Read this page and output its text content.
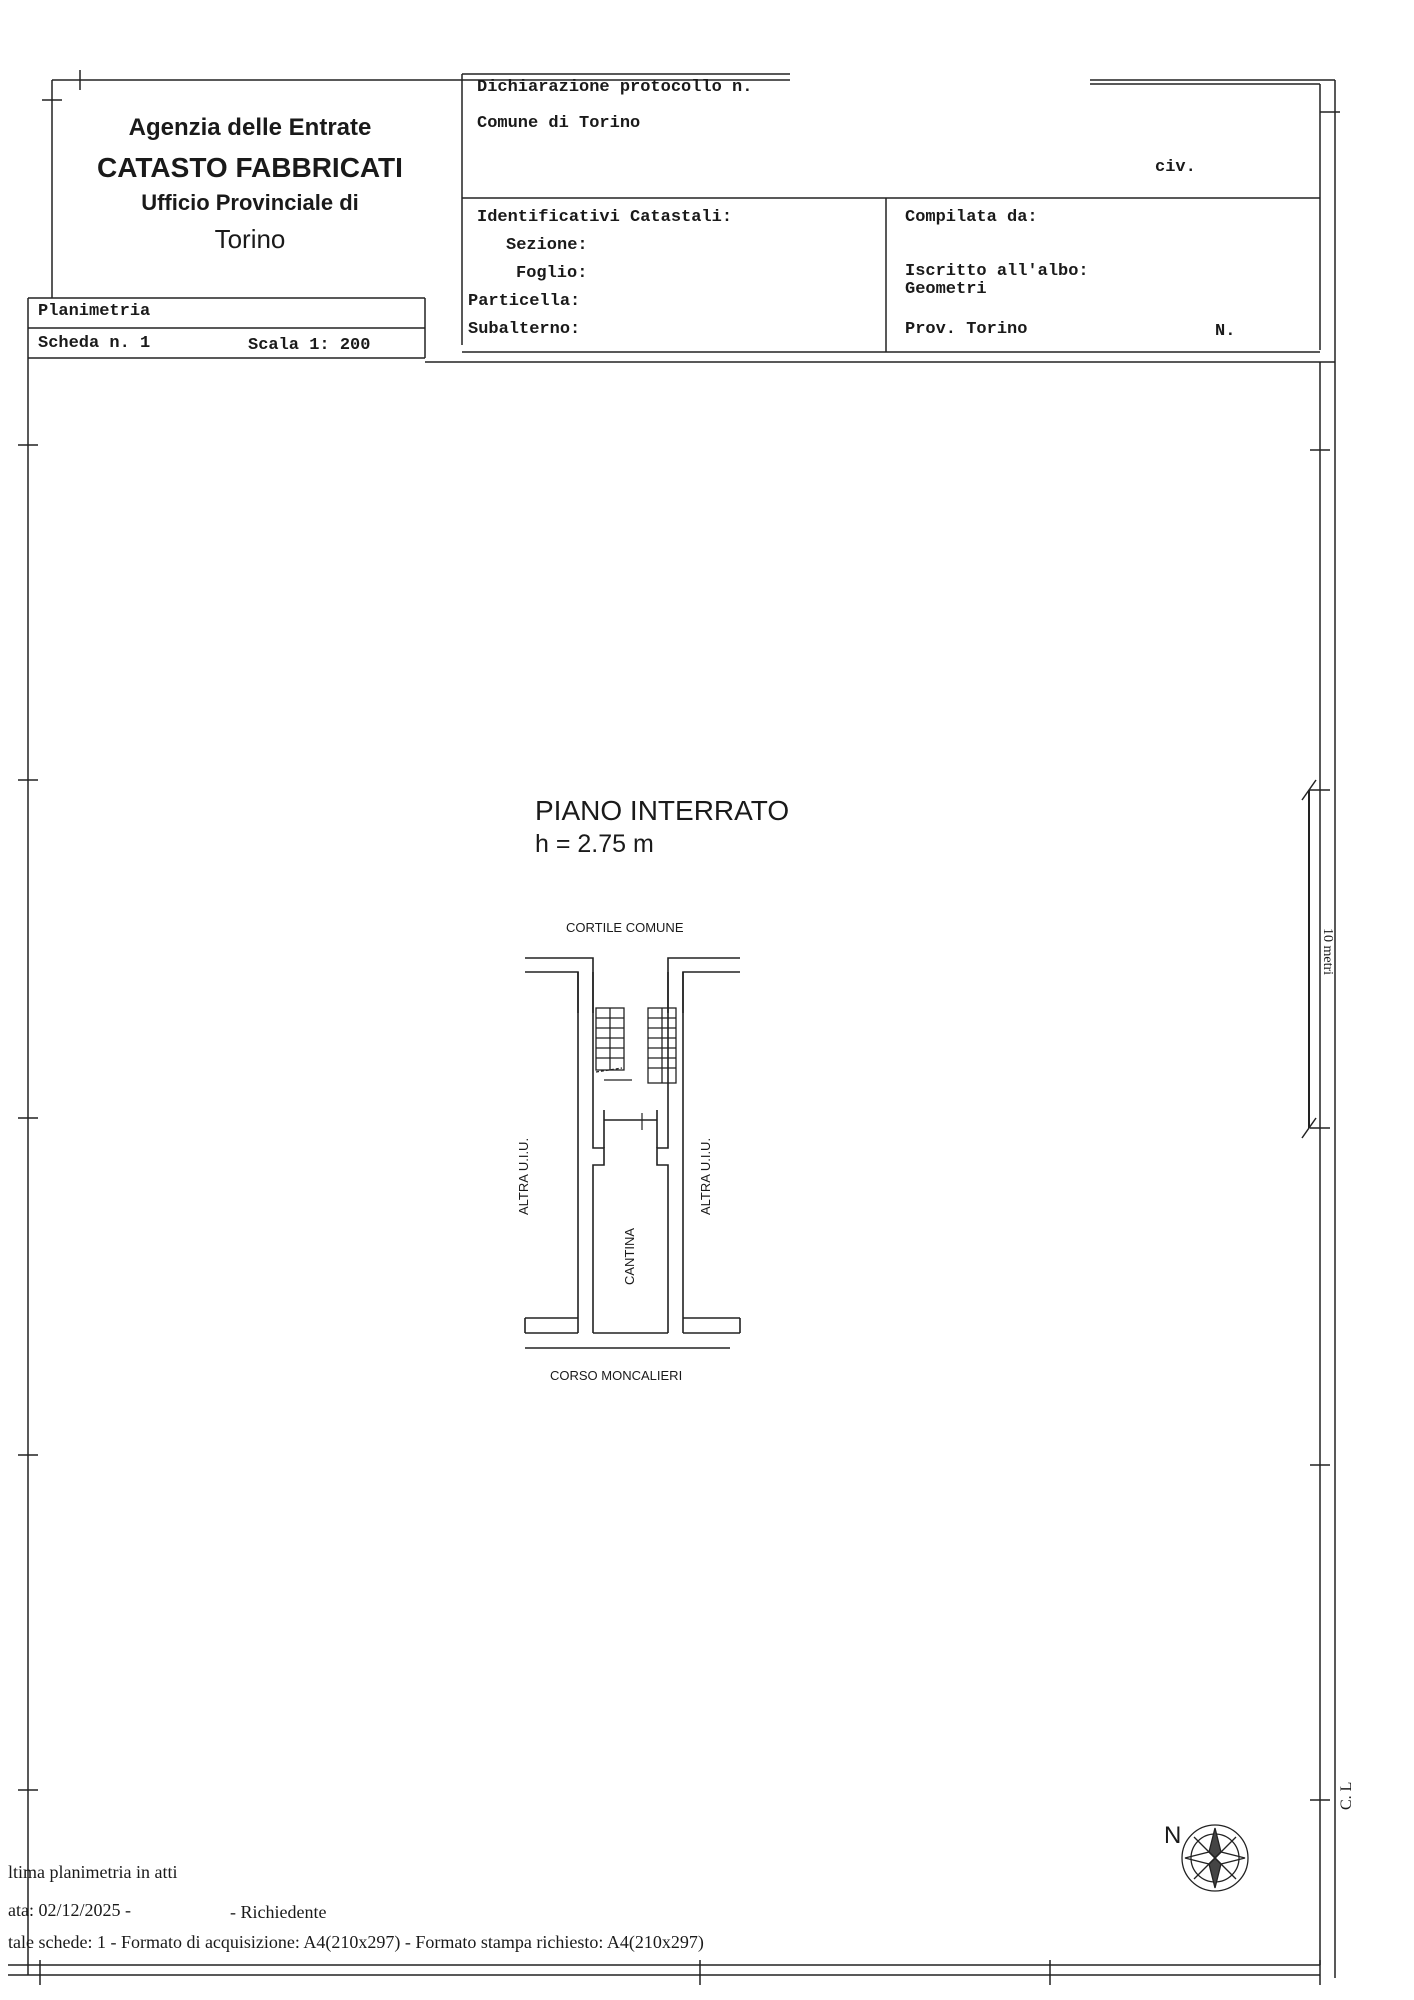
Agenzia delle Entrate
CATASTO FABBRICATI
Ufficio Provinciale di
Torino
Planimetria
Scheda n. 1	Scala 1: 200
Dichiarazione protocollo n.
Comune di Torino
civ.
Identificativi Catastali:
Sezione:
Foglio:
Particella:
Subalterno:
Compilata da:
Iscritto all'albo:
Geometri
Prov. Torino	N.
PIANO INTERRATO
h = 2.75 m
CORTILE COMUNE
CORSO MONCALIERI
ALTRA U.I.U.
CANTINA
ALTRA U.I.U.
10 metri
N
C. L
ltima planimetria in atti
ata: 02/12/2025 -	- Richiedente
tale schede: 1 - Formato di acquisizione: A4(210x297) - Formato stampa richiesto: A4(210x297)
